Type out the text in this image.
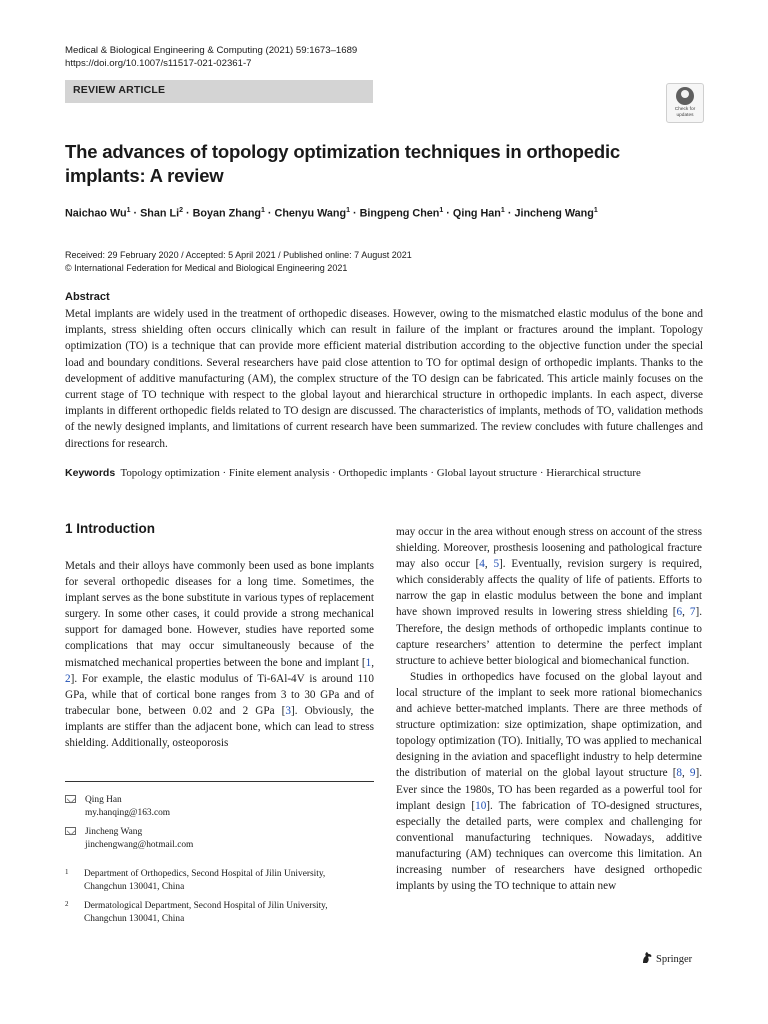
Medical & Biological Engineering & Computing (2021) 59:1673–1689
https://doi.org/10.1007/s11517-021-02361-7
REVIEW ARTICLE
Check for
updates
The advances of topology optimization techniques in orthopedic implants: A review
Naichao $Wu^1$ · Shan $Li^2$ · Boyan Zhang$^1$ · Chenyu Wang$^1$ · Bingpeng Chen$^1$ · Qing Han$^1$ · Jincheng Wang$^1$
Received: 29 February 2020 / Accepted: 5 April 2021 / Published online: 7 August 2021
© International Federation for Medical and Biological Engineering 2021
Abstract
Metal implants are widely used in the treatment of orthopedic diseases. However, owing to the mismatched elastic modulus of the bone and implants, stress shielding often occurs clinically which can result in failure of the implant or fractures around the implant. Topology optimization (TO) is a technique that can provide more efficient material distribution according to the objective function under the special load and boundary conditions. Several researchers have paid close attention to TO for optimal design of orthopedic implants. Thanks to the development of additive manufacturing (AM), the complex structure of the TO design can be fabricated. This article mainly focuses on the current stage of TO technique with respect to the global layout and hierarchical structure in orthopedic implants. In each aspect, diverse implants in different orthopedic fields related to TO design are discussed. The characteristics of implants, methods of TO, validation methods of the newly designed implants, and limitations of current research have been summarized. The review concludes with future challenges and directions for research.
Keywords Topology optimization · Finite element analysis · Orthopedic implants · Global layout structure · Hierarchical structure
1 Introduction

Metals and their alloys have commonly been used as bone implants for several orthopedic diseases for a long time. Sometimes, the implant serves as the bone substitute in various types of replacement surgery. In some other cases, it could provide a strong mechanical support for damaged bone. However, studies have reported some complications that may occur simultaneously because of the mismatched mechanical properties between the bone and implant [1, 2]. For example, the elastic modulus of Ti-6Al-4V is around 110 GPa, while that of cortical bone ranges from 3 to 30 GPa and of trabecular bone, between 0.02 and 2 GPa [3]. Obviously, the implants are stiffer than the adjacent bone, which can lead to stress shielding. Additionally, osteoporosis

may occur in the area without enough stress on account of the stress shielding. Moreover, prosthesis loosening and pathological fracture may also occur [4, 5]. Eventually, revision surgery is required, which considerably affects the quality of life of patients. Efforts to narrow the gap in elastic modulus between the bone and implant have shown improved results in lowering stress shielding [6, 7]. Therefore, the design methods of orthopedic implants continue to capture researchers’ attention to determine the perfect implant structure to achieve better biological and biomechanical function.

Studies in orthopedics have focused on the global layout and local structure of the implant to seek more rational biomechanics and achieve better-matched implants. There are three methods of structure optimization: size optimization, shape optimization, and topology optimization (TO). Initially, TO was applied to mechanical designing in the aviation and spaceflight industry to help determine the distribution of material on the global layout structure [8, 9]. Ever since the 1980s, TO has been regarded as a powerful tool for implant design [10]. The fabrication of TO-designed structures, especially the detailed parts, were complex and challenging for conventional manufacturing techniques. Nowadays, additive manufacturing (AM) techniques can overcome this limitation. An increasing number of researchers have designed orthopedic implants by using the TO technique to attain new

Qing Han
my.hanqing@163.com
Jincheng Wang
jinchengwang@hotmail.com
1 Department of Orthopedics, Second Hospital of Jilin University,
Changchun 130041, China
2 Dermatological Department, Second Hospital of Jilin University,
Changchun 130041, China
Springer
